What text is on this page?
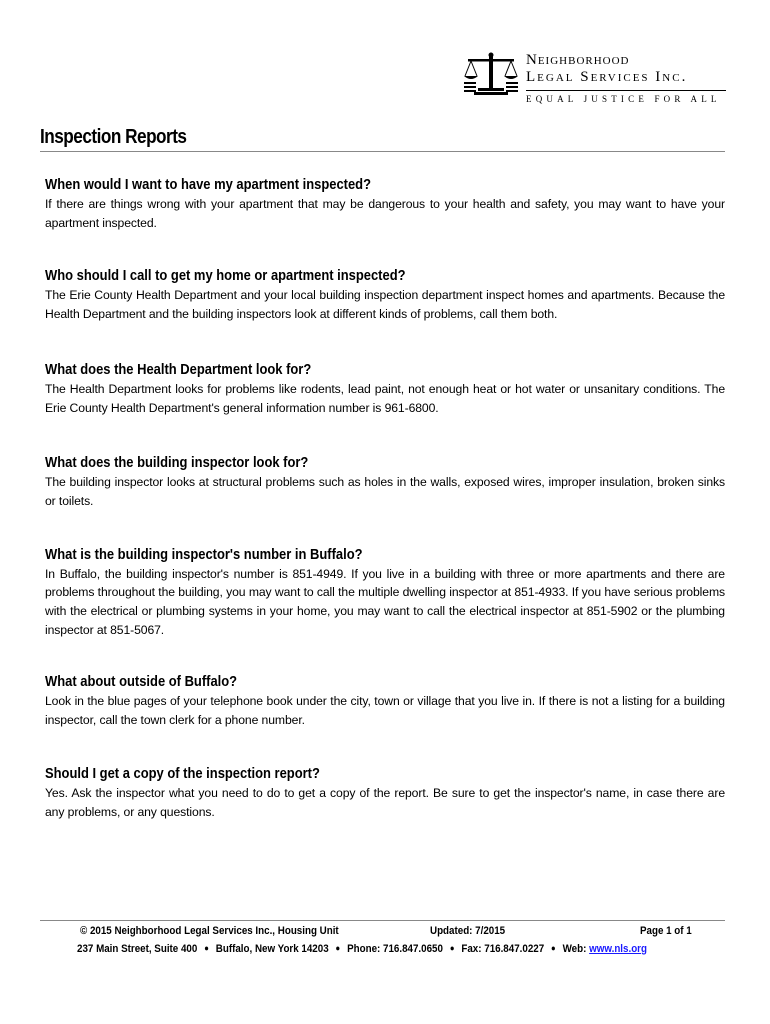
Neighborhood
Legal Services Inc.
EQUAL JUSTICE FOR ALL
Inspection Reports

When would I want to have my apartment inspected?

If there are things wrong with your apartment that may be dangerous to your health and safety, you may want to have your apartment inspected.

Who should I call to get my home or apartment inspected?

The Erie County Health Department and your local building inspection department inspect homes and apartments. Because the Health Department and the building inspectors look at different kinds of problems, call them both.

What does the Health Department look for?

The Health Department looks for problems like rodents, lead paint, not enough heat or hot water or unsanitary conditions. The Erie County Health Department's general information number is 961-6800.

What does the building inspector look for?

The building inspector looks at structural problems such as holes in the walls, exposed wires, improper insulation, broken sinks or toilets.

What is the building inspector's number in Buffalo?

In Buffalo, the building inspector's number is 851-4949. If you live in a building with three or more apartments and there are problems throughout the building, you may want to call the multiple dwelling inspector at 851-4933. If you have serious problems with the electrical or plumbing systems in your home, you may want to call the electrical inspector at 851-5902 or the plumbing inspector at 851-5067.

What about outside of Buffalo?

Look in the blue pages of your telephone book under the city, town or village that you live in. If there is not a listing for a building inspector, call the town clerk for a phone number.

Should I get a copy of the inspection report?

Yes. Ask the inspector what you need to do to get a copy of the report. Be sure to get the inspector's name, in case there are any problems, or any questions.

© 2015 Neighborhood Legal Services Inc., Housing Unit	Updated: 7/2015	Page 1 of 1
237 Main Street, Suite 400 ● Buffalo, New York 14203 ● Phone: 716.847.0650 ● Fax: 716.847.0227 ● Web: www.nls.org
